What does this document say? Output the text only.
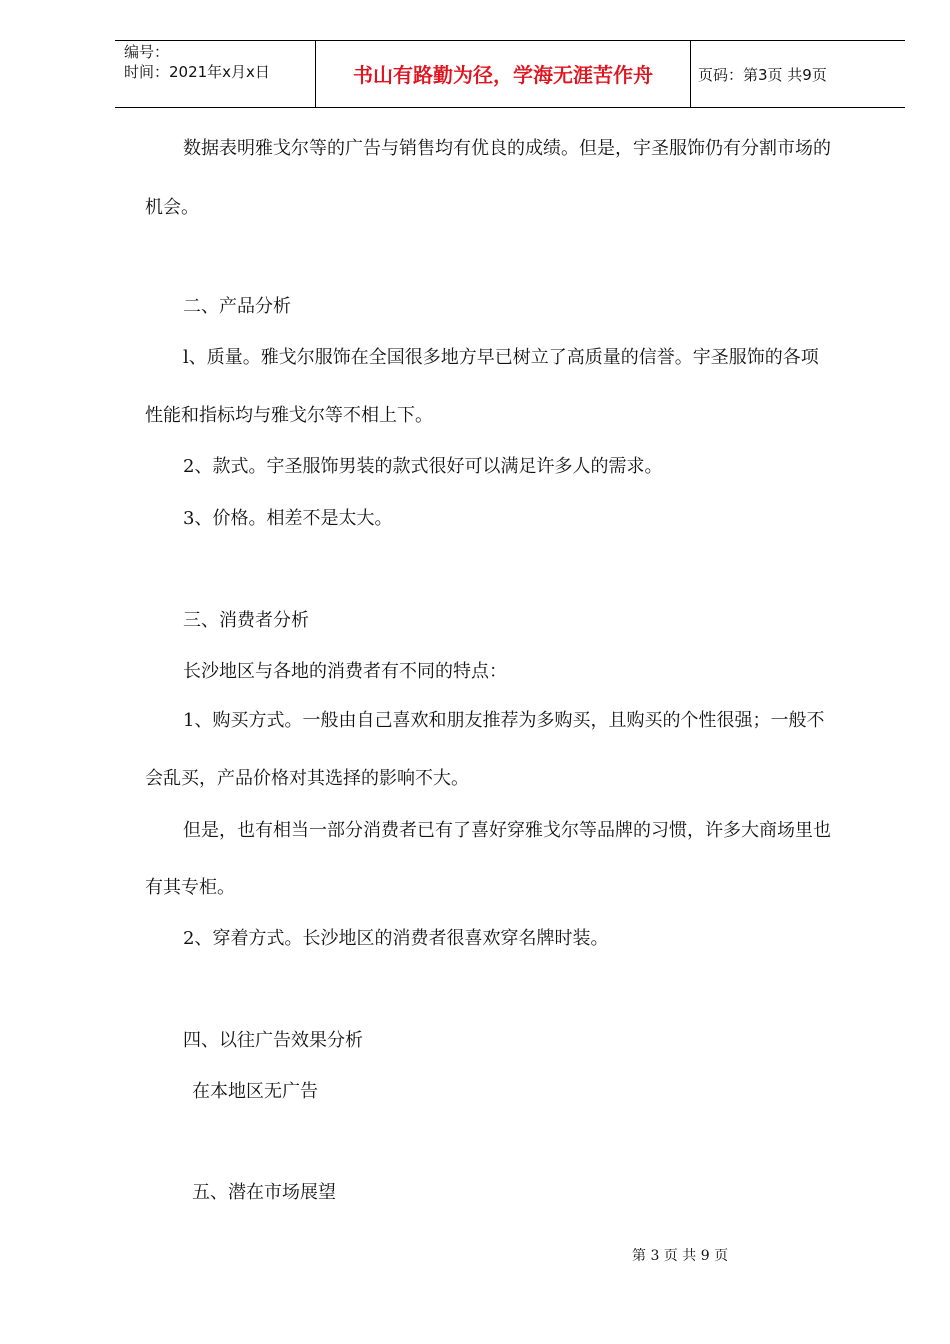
编号：
时间：2021年x月x日	书山有路勤为径，学海无涯苦作舟	页码：第3页 共9页
数据表明雅戈尔等的广告与销售均有优良的成绩。但是，宇圣服饰仍有分割市场的
机会。
二、产品分析
l、质量。雅戈尔服饰在全国很多地方早已树立了高质量的信誉。宇圣服饰的各项
性能和指标均与雅戈尔等不相上下。
2、款式。宇圣服饰男装的款式很好可以满足许多人的需求。
3、价格。相差不是太大。
三、消费者分析
长沙地区与各地的消费者有不同的特点：
1、购买方式。一般由自己喜欢和朋友推荐为多购买，且购买的个性很强；一般不
会乱买，产品价格对其选择的影响不大。
但是，也有相当一部分消费者已有了喜好穿雅戈尔等品牌的习惯，许多大商场里也
有其专柜。
2、穿着方式。长沙地区的消费者很喜欢穿名牌时装。
四、以往广告效果分析
在本地区无广告
五、潜在市场展望
第 3 页 共 9 页
